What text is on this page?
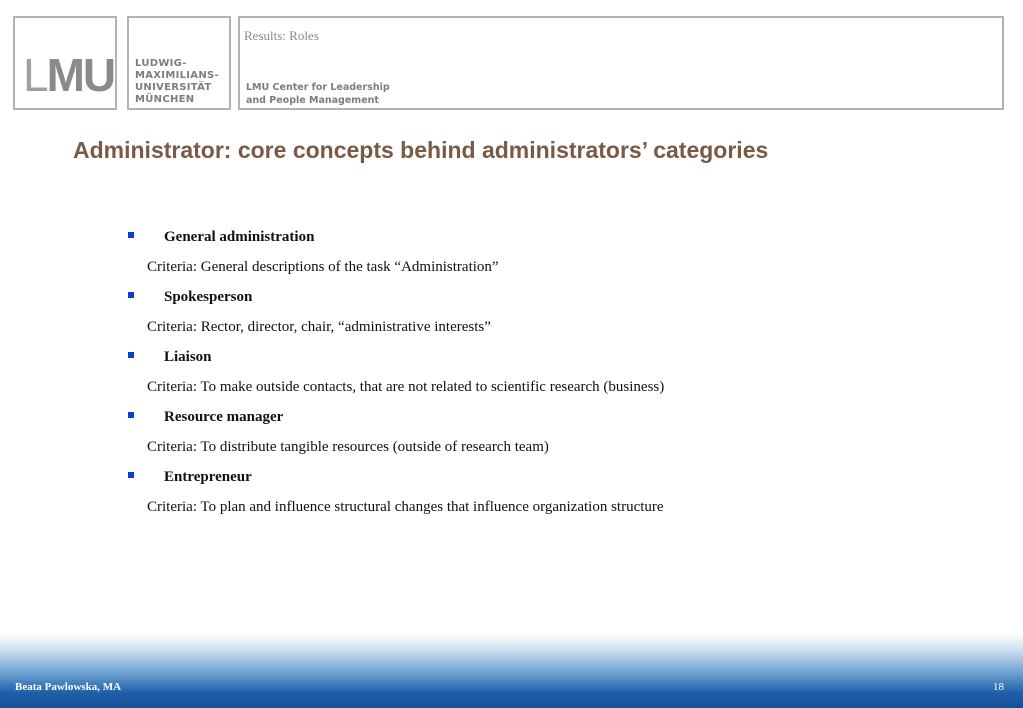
LMU LUDWIG-
MAXIMILIANS-
UNIVERSITÄT
MÜNCHEN
Results: Roles
LMU Center for Leadership
and People Management
Administrator: core concepts behind administrators’ categories
General administration
Criteria: General descriptions of the task “Administration”
Spokesperson
Criteria: Rector, director, chair, “administrative interests”
Liaison
Criteria: To make outside contacts, that are not related to scientific research (business)
Resource manager
Criteria: To distribute tangible resources (outside of research team)
Entrepreneur
Criteria: To plan and influence structural changes that influence organization structure
Beata Pawlowska, MA	18
